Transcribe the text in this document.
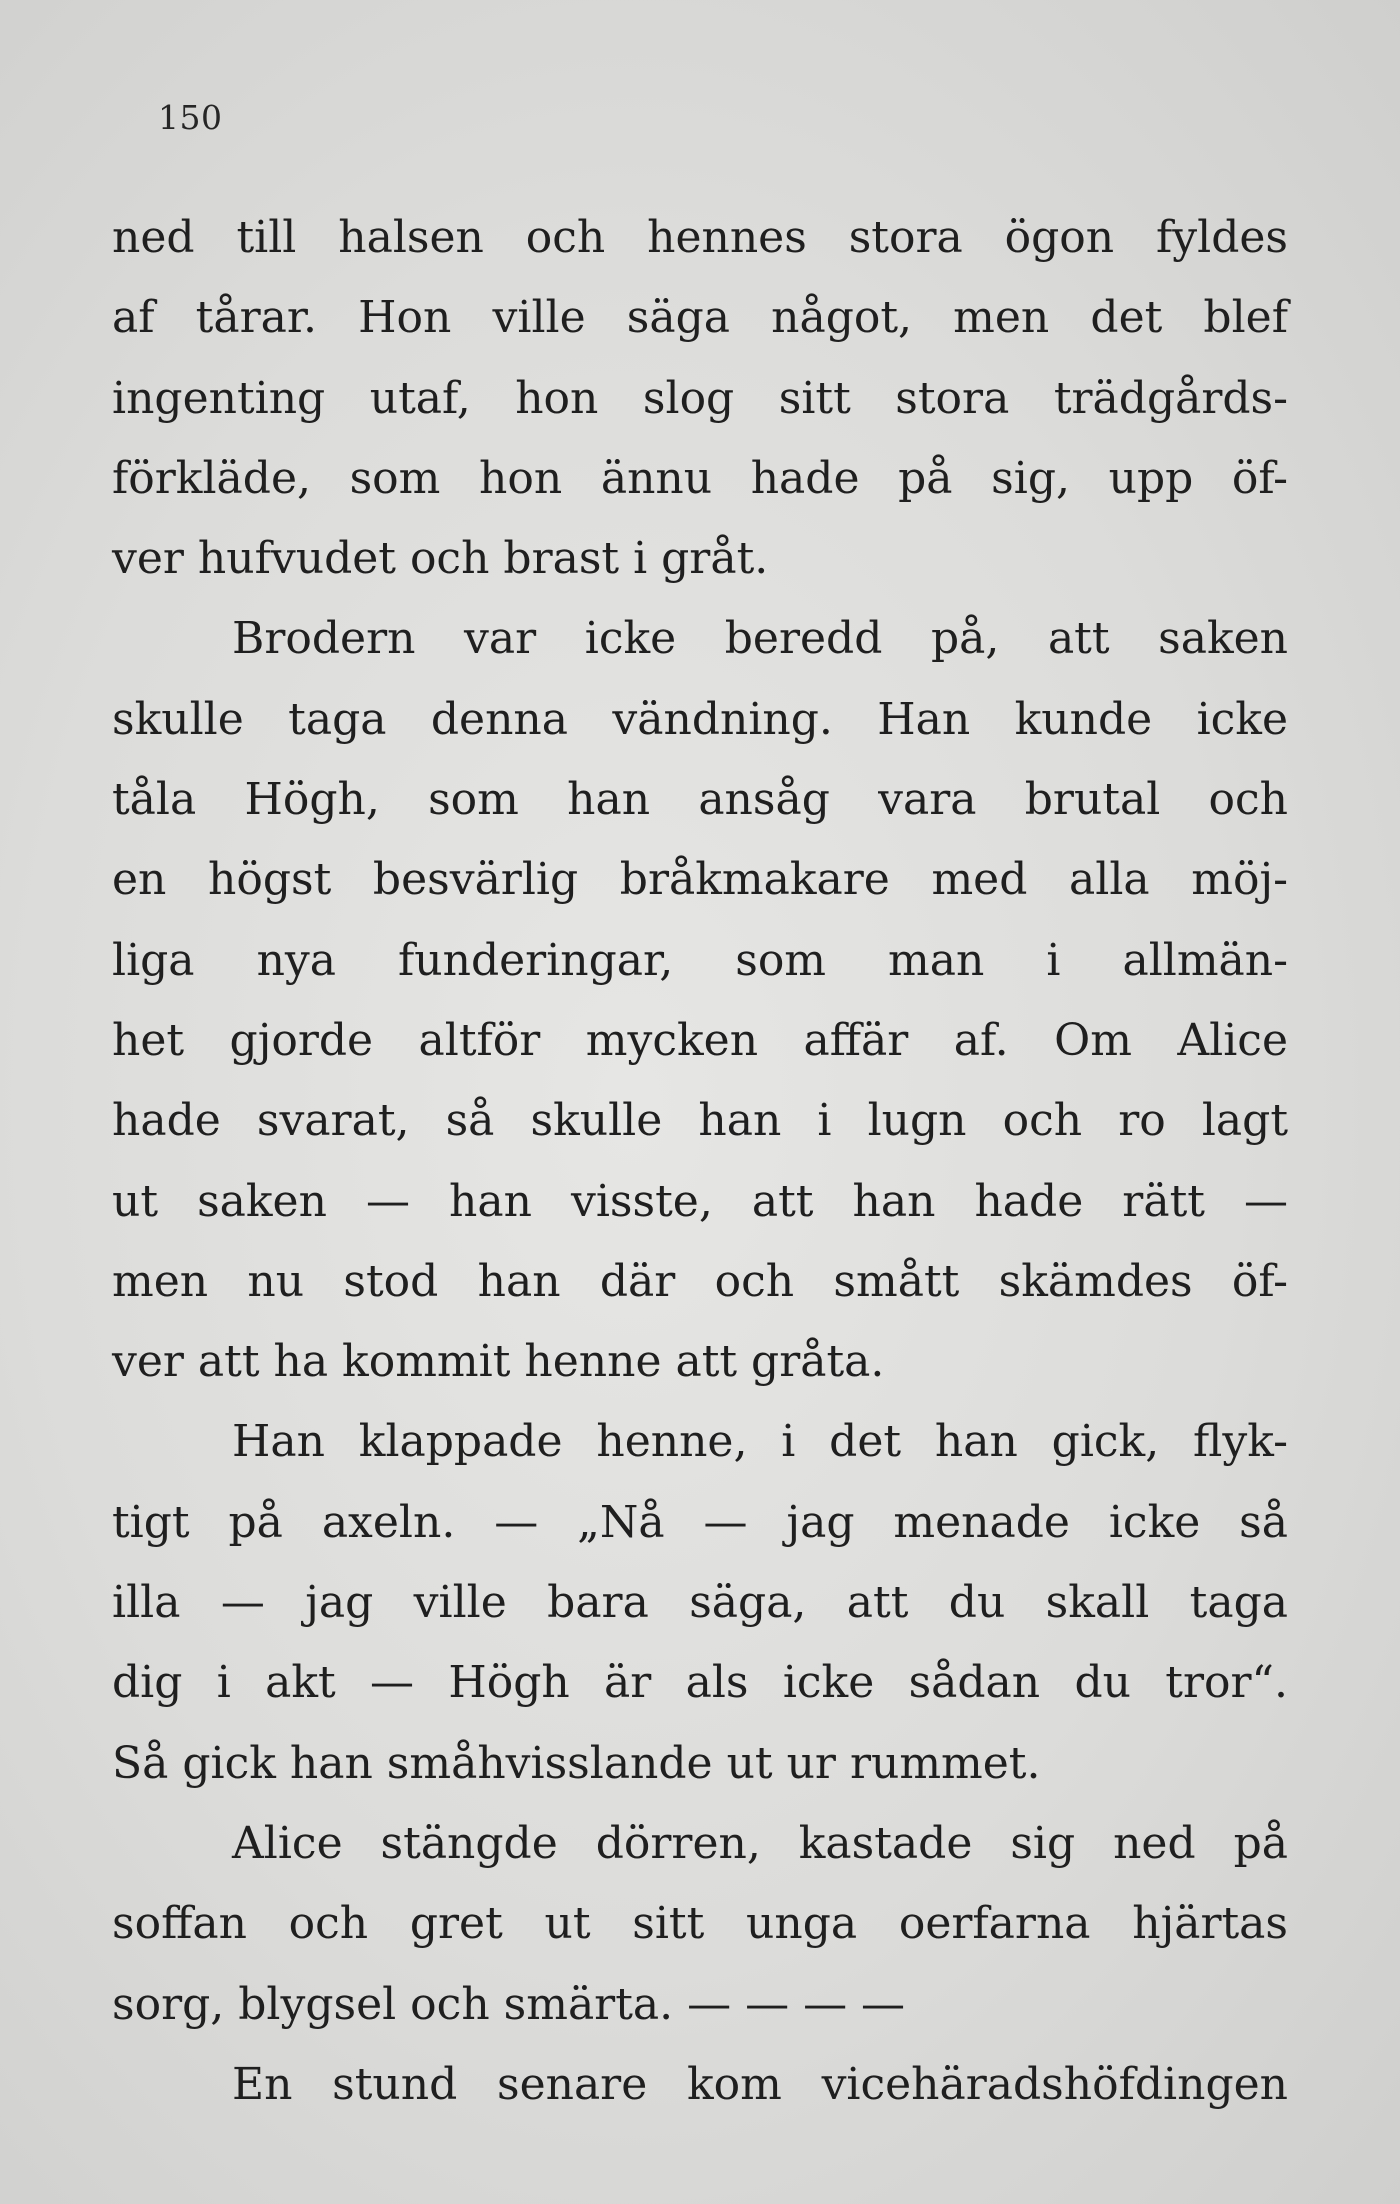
150
ned till halsen och hennes stora ögon fyldes
af tårar. Hon ville säga något, men det blef
ingenting utaf, hon slog sitt stora trädgårds-
förkläde, som hon ännu hade på sig, upp öf-
ver hufvudet och brast i gråt.
Brodern var icke beredd på, att saken
skulle taga denna vändning. Han kunde icke
tåla Högh, som han ansåg vara brutal och
en högst besvärlig bråkmakare med alla möj-
liga nya funderingar, som man i allmän-
het gjorde altför mycken affär af. Om Alice
hade svarat, så skulle han i lugn och ro lagt
ut saken — han visste, att han hade rätt —
men nu stod han där och smått skämdes öf-
ver att ha kommit henne att gråta.
Han klappade henne, i det han gick, flyk-
tigt på axeln. — „Nå — jag menade icke så
illa — jag ville bara säga, att du skall taga
dig i akt — Högh är als icke sådan du tror“.
Så gick han småhvisslande ut ur rummet.
Alice stängde dörren, kastade sig ned på
soffan och gret ut sitt unga oerfarna hjärtas
sorg, blygsel och smärta. — — — —
En stund senare kom vicehäradshöfdingen
